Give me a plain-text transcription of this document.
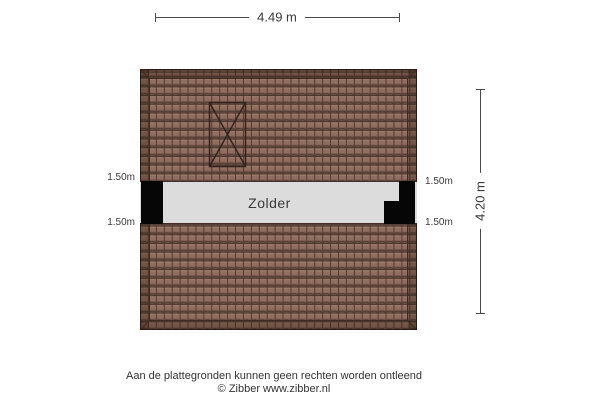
4.49 m
4.20 m
Zolder
1.50m
1.50m
1.50m
1.50m
Aan de plattegronden kunnen geen rechten worden ontleend
© Zibber www.zibber.nl
